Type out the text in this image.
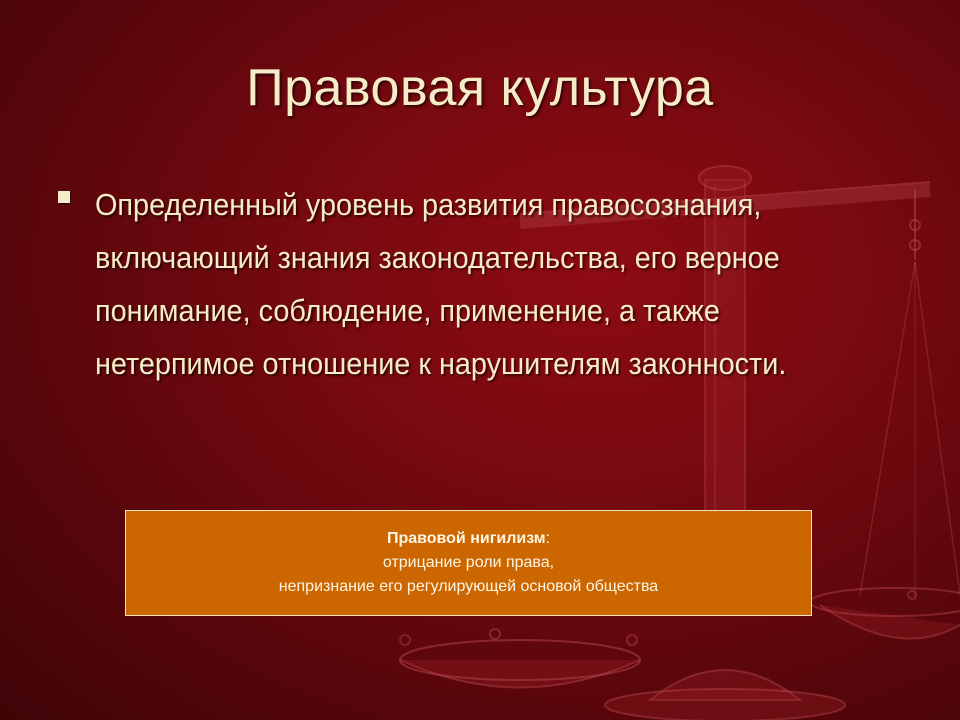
Правовая культура
Определенный уровень развития правосознания, включающий знания законодательства, его верное понимание, соблюдение, применение, а также нетерпимое отношение к нарушителям законности.
Правовой нигилизм:
отрицание роли права,
непризнание его регулирующей основой общества
